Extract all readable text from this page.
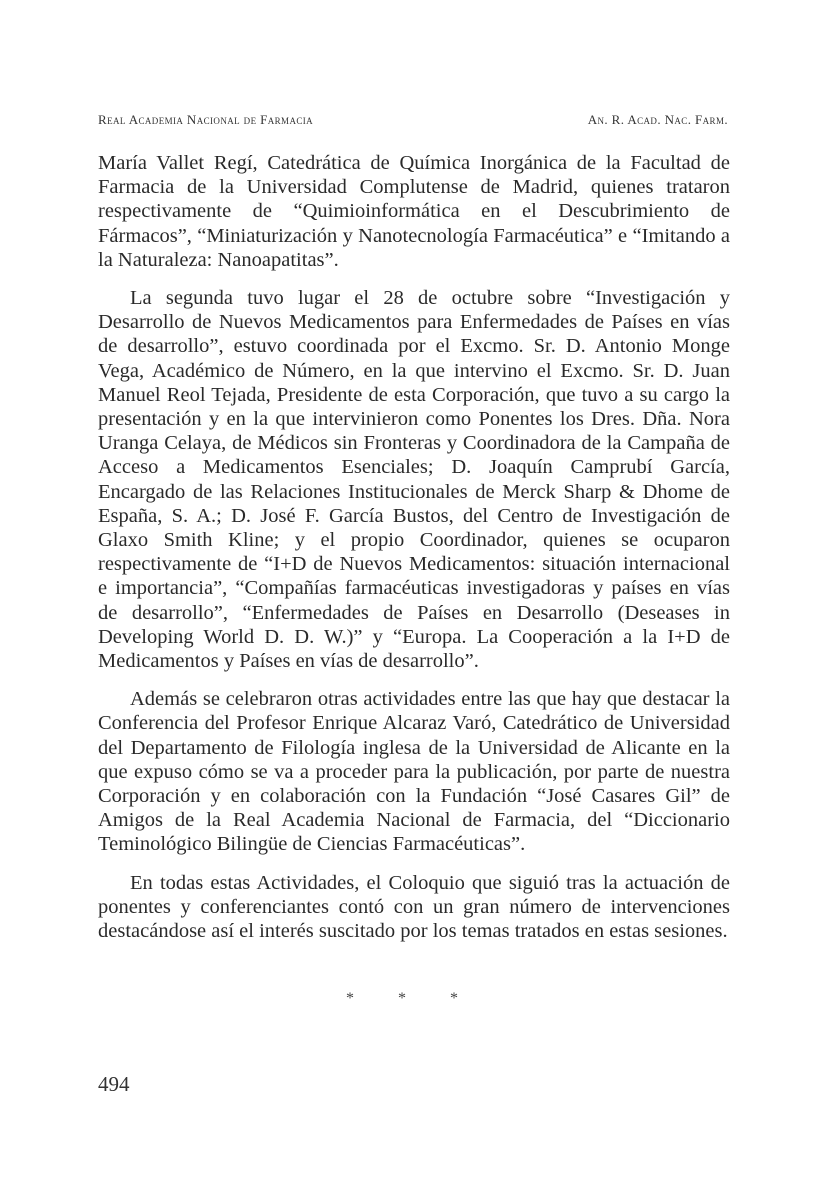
Real Academia Nacional de Farmacia	An. R. Acad. Nac. Farm.

María Vallet Regí, Catedrática de Química Inorgánica de la Facultad de Farmacia de la Universidad Complutense de Madrid, quienes trataron respectivamente de “Quimioinformática en el Descubrimiento de Fármacos”, “Miniaturización y Nanotecnología Farmacéutica” e “Imitando a la Naturaleza: Nanoapatitas”.

La segunda tuvo lugar el 28 de octubre sobre “Investigación y Desarrollo de Nuevos Medicamentos para Enfermedades de Países en vías de desarrollo”, estuvo coordinada por el Excmo. Sr. D. Antonio Monge Vega, Académico de Número, en la que intervino el Excmo. Sr. D. Juan Manuel Reol Tejada, Presidente de esta Corporación, que tuvo a su cargo la presentación y en la que intervinieron como Ponentes los Dres. Dña. Nora Uranga Celaya, de Médicos sin Fronteras y Coordinadora de la Campaña de Acceso a Medicamentos Esenciales; D. Joaquín Camprubí García, Encargado de las Relaciones Institucionales de Merck Sharp & Dhome de España, S. A.; D. José F. García Bustos, del Centro de Investigación de Glaxo Smith Kline; y el propio Coordinador, quienes se ocuparon respectivamente de “I+D de Nuevos Medicamentos: situación internacional e importancia”, “Compañías farmacéuticas investigadoras y países en vías de desarrollo”, “Enfermedades de Países en Desarrollo (Deseases in Developing World D. D. W.)” y “Europa. La Cooperación a la I+D de Medicamentos y Países en vías de desarrollo”.

Además se celebraron otras actividades entre las que hay que destacar la Conferencia del Profesor Enrique Alcaraz Varó, Catedrático de Universidad del Departamento de Filología inglesa de la Universidad de Alicante en la que expuso cómo se va a proceder para la publicación, por parte de nuestra Corporación y en colaboración con la Fundación “José Casares Gil” de Amigos de la Real Academia Nacional de Farmacia, del “Diccionario Teminológico Bilingüe de Ciencias Farmacéuticas”.

En todas estas Actividades, el Coloquio que siguió tras la actuación de ponentes y conferenciantes contó con un gran número de intervenciones destacándose así el interés suscitado por los temas tratados en estas sesiones.

* * *
494
